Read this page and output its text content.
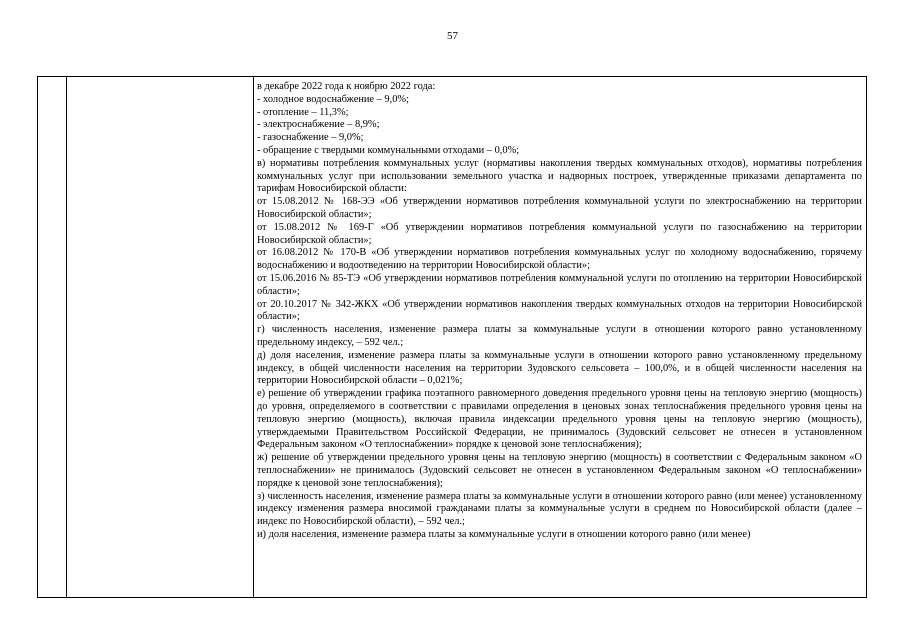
57

в декабре 2022 года к ноябрю 2022 года:

- холодное водоснабжение – 9,0%;

- отопление – 11,3%;

- электроснабжение – 8,9%;

- газоснабжение – 9,0%;

- обращение с твердыми коммунальными отходами – 0,0%;

в) нормативы потребления коммунальных услуг (нормативы накопления твердых коммунальных отходов), нормативы потребления коммунальных услуг при использовании земельного участка и надворных построек, утвержденные приказами департамента по тарифам Новосибирской области:

от 15.08.2012 № 168-ЭЭ «Об утверждении нормативов потребления коммунальной услуги по электроснабжению на территории Новосибирской области»;

от 15.08.2012 № 169-Г «Об утверждении нормативов потребления коммунальной услуги по газоснабжению на территории Новосибирской области»;

от 16.08.2012 № 170-В «Об утверждении нормативов потребления коммунальных услуг по холодному водоснабжению, горячему водоснабжению и водоотведению на территории Новосибирской области»;

от 15.06.2016 № 85-ТЭ «Об утверждении нормативов потребления коммунальной услуги по отоплению на территории Новосибирской области»;

от 20.10.2017 № 342-ЖКХ «Об утверждении нормативов накопления твердых коммунальных отходов на территории Новосибирской области»;

г) численность населения, изменение размера платы за коммунальные услуги в отношении которого равно установленному предельному индексу, – 592 чел.;

д) доля населения, изменение размера платы за коммунальные услуги в отношении которого равно установленному предельному индексу, в общей численности населения на территории Зудовского сельсовета – 100,0%, и в общей численности населения на территории Новосибирской области – 0,021%;

е) решение об утверждении графика поэтапного равномерного доведения предельного уровня цены на тепловую энергию (мощность) до уровня, определяемого в соответствии с правилами определения в ценовых зонах теплоснабжения предельного уровня цены на тепловую энергию (мощность), включая правила индексации предельного уровня цены на тепловую энергию (мощность), утверждаемыми Правительством Российской Федерации, не принималось (Зудовский сельсовет не отнесен в установленном Федеральным законом «О теплоснабжении» порядке к ценовой зоне теплоснабжения);

ж) решение об утверждении предельного уровня цены на тепловую энергию (мощность) в соответствии с Федеральным законом «О теплоснабжении» не принималось (Зудовский сельсовет не отнесен в установленном Федеральным законом «О теплоснабжении» порядке к ценовой зоне теплоснабжения);

з) численность населения, изменение размера платы за коммунальные услуги в отношении которого равно (или менее) установленному индексу изменения размера вносимой гражданами платы за коммунальные услуги в среднем по Новосибирской области (далее – индекс по Новосибирской области), – 592 чел.;

и) доля населения, изменение размера платы за коммунальные услуги в отношении которого равно (или менее)
